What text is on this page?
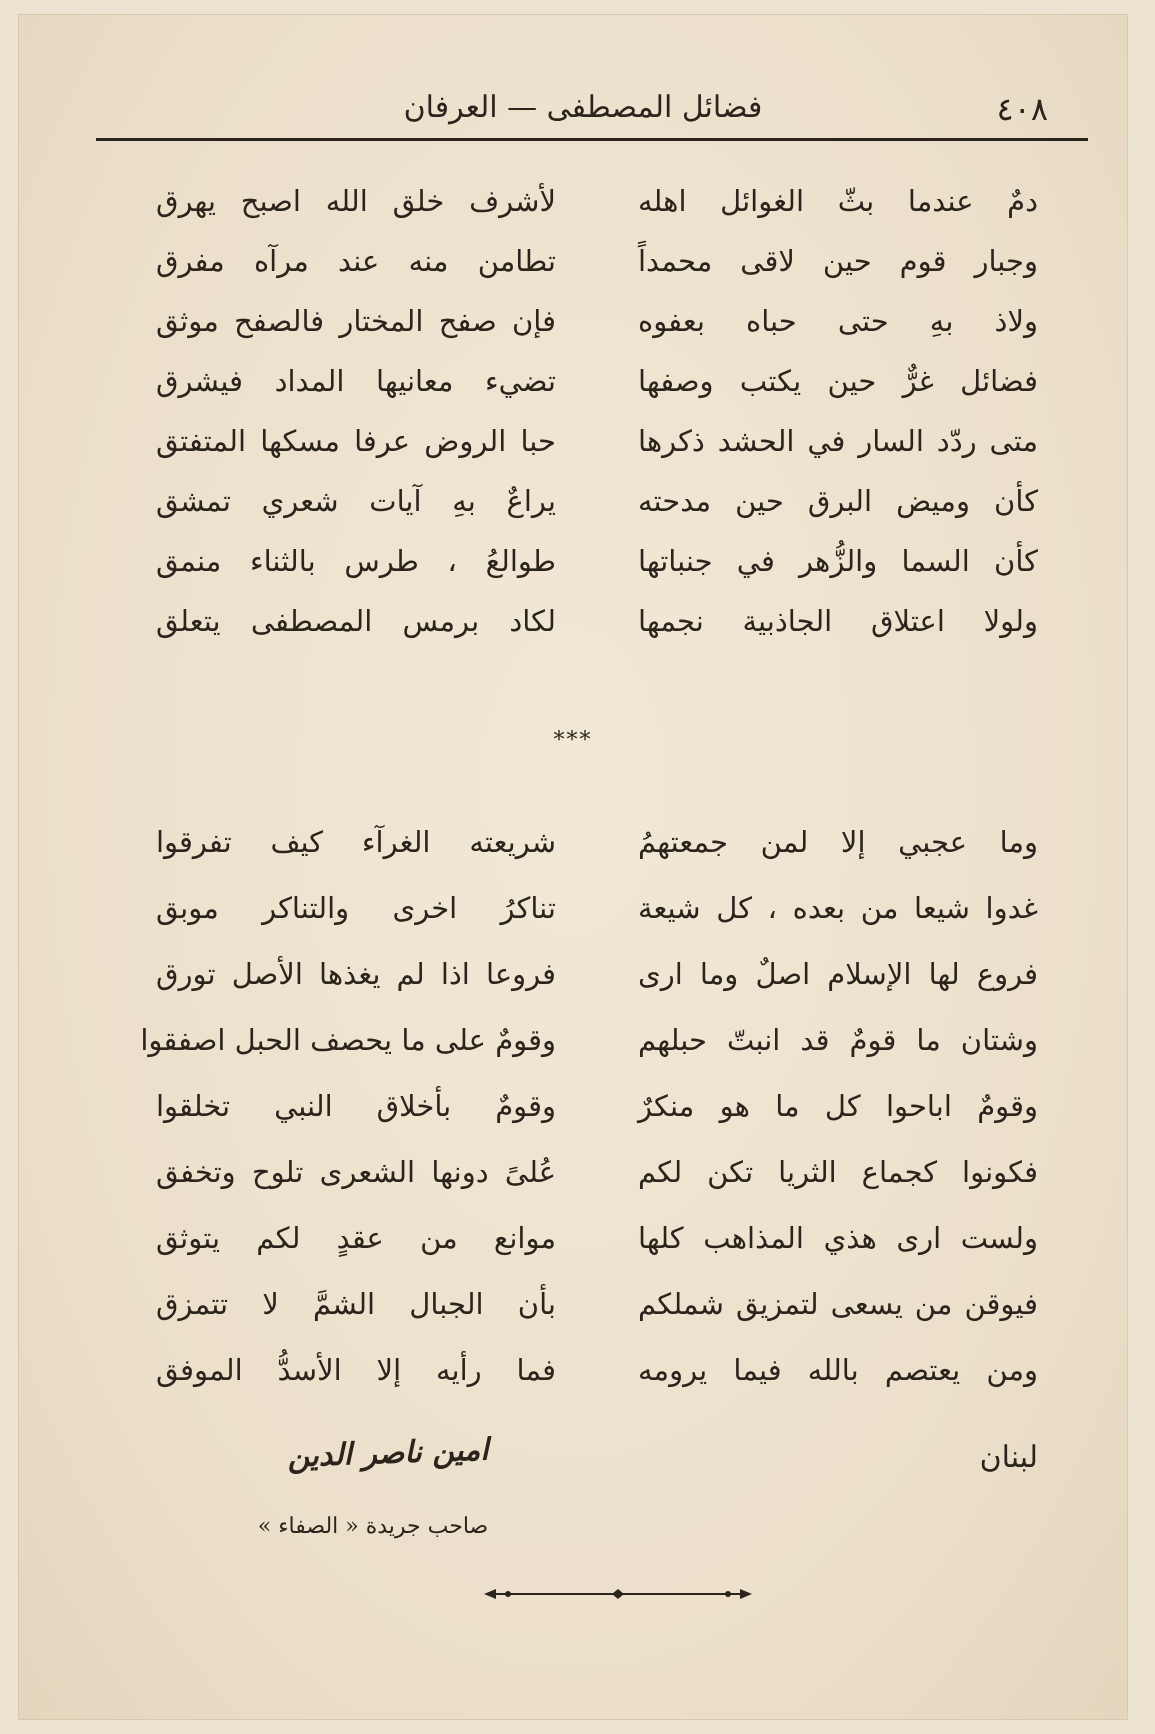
٤٠٨
فضائل المصطفى — العرفان
دمٌ عندما بثّ الغوائل اهله
وجبار قوم حين لاقى محمداً
ولاذ بهِ حتى حباه بعفوه
فضائل غرٌّ حين يكتب وصفها
متى ردّد السار في الحشد ذكرها
كأن وميض البرق حين مدحته
كأن السما والزُّهر في جنباتها
ولولا اعتلاق الجاذبية نجمها
لأشرف خلق الله اصبح يهرق
تطامن منه عند مرآه مفرق
فإن صفح المختار فالصفح موثق
تضيء معانيها المداد فيشرق
حبا الروض عرفا مسكها المتفتق
يراعٌ بهِ آيات شعري تمشق
طوالعُ ، طرس بالثناء منمق
لكاد برمس المصطفى يتعلق
***
وما عجبي إلا لمن جمعتهمُ
غدوا شيعا من بعده ، كل شيعة
فروع لها الإسلام اصلٌ وما ارى
وشتان ما قومٌ قد انبتّ حبلهم
وقومٌ اباحوا كل ما هو منكرٌ
فكونوا كجماع الثريا تكن لكم
ولست ارى هذي المذاهب كلها
فيوقن من يسعى لتمزيق شملكم
ومن يعتصم بالله فيما يرومه
شريعته الغرآء كيف تفرقوا
تناكرُ اخرى والتناكر موبق
فروعا اذا لم يغذها الأصل تورق
وقومٌ على ما يحصف الحبل اصفقوا
وقومٌ بأخلاق النبي تخلقوا
عُلىً دونها الشعرى تلوح وتخفق
موانع من عقدٍ لكم يتوثق
بأن الجبال الشمَّ لا تتمزق
فما رأيه إلا الأسدُّ الموفق
لبنان
امين ناصر الدين
صاحب جريدة « الصفاء »
